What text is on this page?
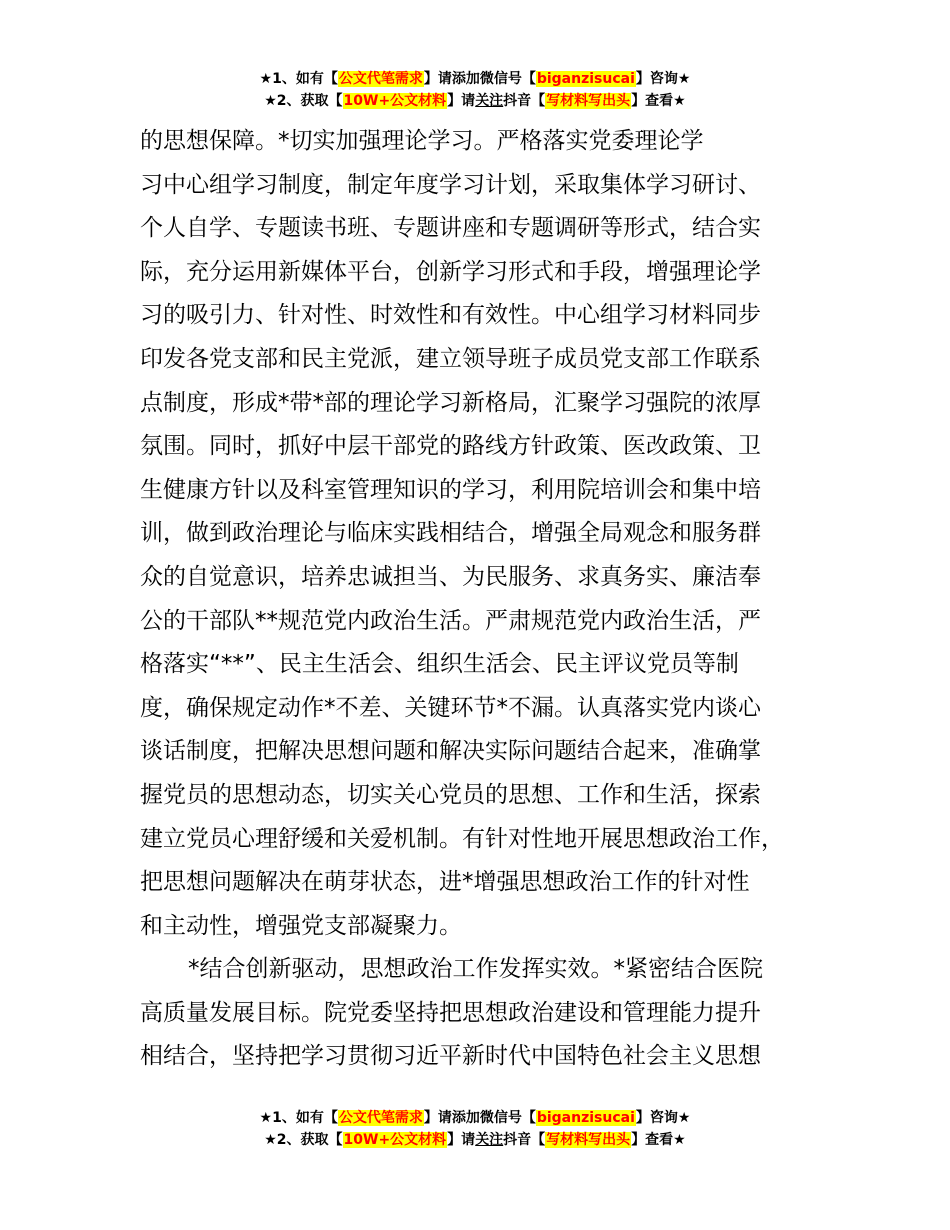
★1、如有【公文代笔需求】请添加微信号【biganzisucai】咨询★
★2、获取【10W+公文材料】请关注抖音【写材料写出头】查看★
的思想保障。*切实加强理论学习。严格落实党委理论学
习中心组学习制度，制定年度学习计划，采取集体学习研讨、
个人自学、专题读书班、专题讲座和专题调研等形式，结合实
际，充分运用新媒体平台，创新学习形式和手段，增强理论学
习的吸引力、针对性、时效性和有效性。中心组学习材料同步
印发各党支部和民主党派，建立领导班子成员党支部工作联系
点制度，形成*带*部的理论学习新格局，汇聚学习强院的浓厚
氛围。同时，抓好中层干部党的路线方针政策、医改政策、卫
生健康方针以及科室管理知识的学习，利用院培训会和集中培
训，做到政治理论与临床实践相结合，增强全局观念和服务群
众的自觉意识，培养忠诚担当、为民服务、求真务实、廉洁奉
公的干部队**规范党内政治生活。严肃规范党内政治生活，严
格落实“**”、民主生活会、组织生活会、民主评议党员等制
度，确保规定动作*不差、关键环节*不漏。认真落实党内谈心
谈话制度，把解决思想问题和解决实际问题结合起来，准确掌
握党员的思想动态，切实关心党员的思想、工作和生活，探索
建立党员心理舒缓和关爱机制。有针对性地开展思想政治工作，
把思想问题解决在萌芽状态，进*增强思想政治工作的针对性
和主动性，增强党支部凝聚力。
*结合创新驱动，思想政治工作发挥实效。*紧密结合医院
高质量发展目标。院党委坚持把思想政治建设和管理能力提升
相结合，坚持把学习贯彻习近平新时代中国特色社会主义思想
★1、如有【公文代笔需求】请添加微信号【biganzisucai】咨询★
★2、获取【10W+公文材料】请关注抖音【写材料写出头】查看★
